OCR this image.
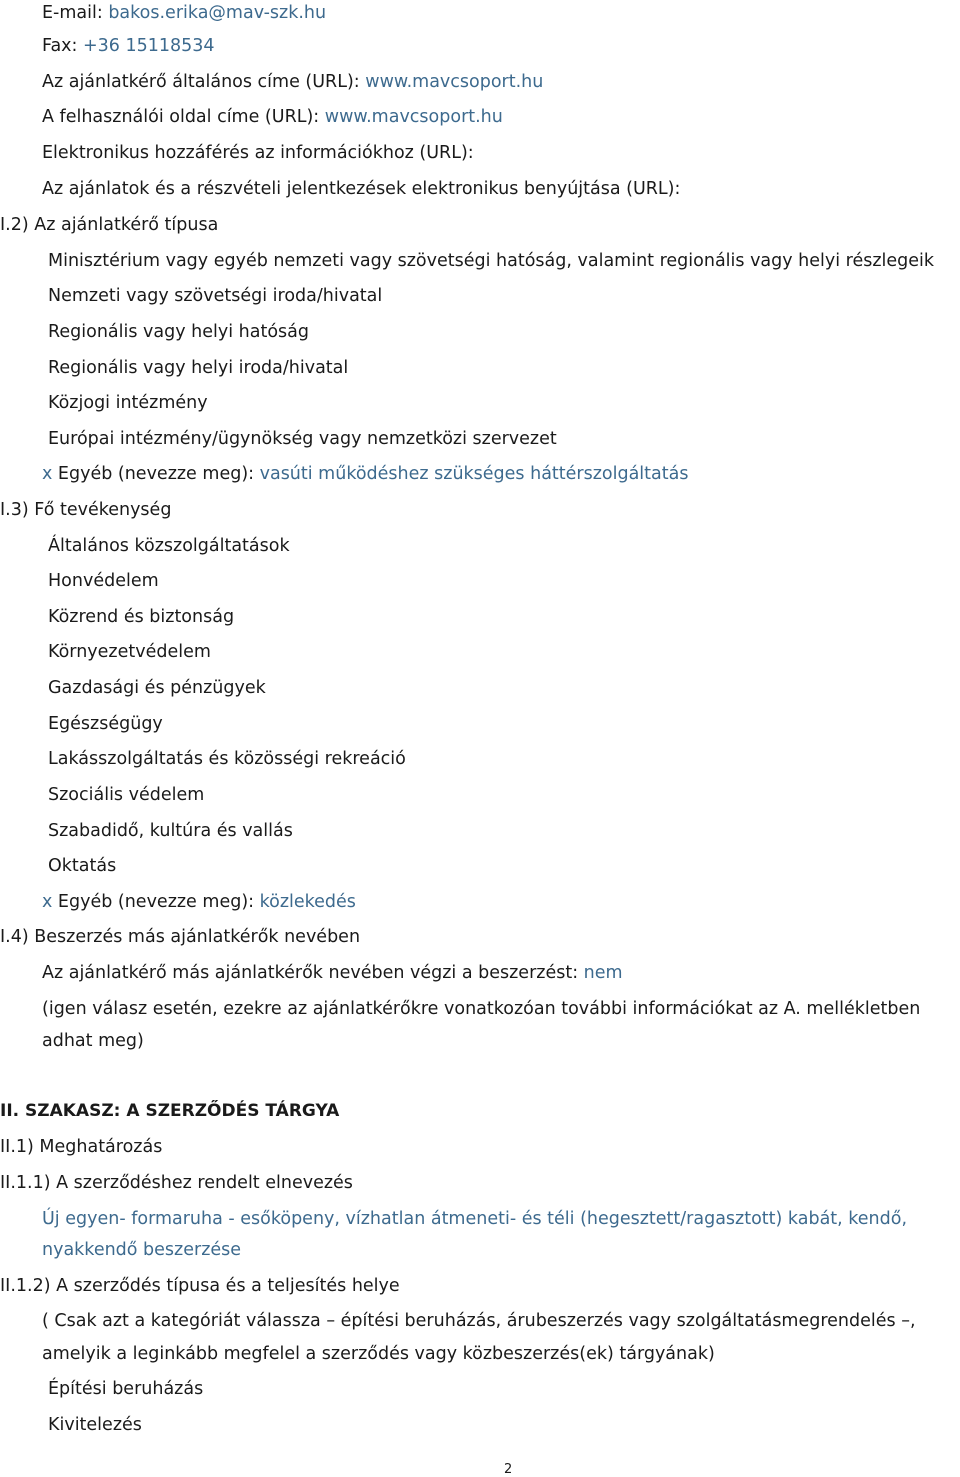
E-mail: bakos.erika@mav-szk.hu
Fax: +36 15118534
Az ajánlatkérő általános címe (URL): www.mavcsoport.hu
A felhasználói oldal címe (URL): www.mavcsoport.hu
Elektronikus hozzáférés az információkhoz (URL):
Az ajánlatok és a részvételi jelentkezések elektronikus benyújtása (URL):
I.2) Az ajánlatkérő típusa
Minisztérium vagy egyéb nemzeti vagy szövetségi hatóság, valamint regionális vagy helyi részlegeik
Nemzeti vagy szövetségi iroda/hivatal
Regionális vagy helyi hatóság
Regionális vagy helyi iroda/hivatal
Közjogi intézmény
Európai intézmény/ügynökség vagy nemzetközi szervezet
x Egyéb (nevezze meg): vasúti működéshez szükséges háttérszolgáltatás
I.3) Fő tevékenység
Általános közszolgáltatások
Honvédelem
Közrend és biztonság
Környezetvédelem
Gazdasági és pénzügyek
Egészségügy
Lakásszolgáltatás és közösségi rekreáció
Szociális védelem
Szabadidő, kultúra és vallás
Oktatás
x Egyéb (nevezze meg): közlekedés
I.4) Beszerzés más ajánlatkérők nevében
Az ajánlatkérő más ajánlatkérők nevében végzi a beszerzést: nem
(igen válasz esetén, ezekre az ajánlatkérőkre vonatkozóan további információkat az A. mellékletben
adhat meg)
II. SZAKASZ: A SZERZŐDÉS TÁRGYA
II.1) Meghatározás
II.1.1) A szerződéshez rendelt elnevezés
Új egyen- formaruha - esőköpeny, vízhatlan átmeneti- és téli (hegesztett/ragasztott) kabát, kendő,
nyakkendő beszerzése
II.1.2) A szerződés típusa és a teljesítés helye
( Csak azt a kategóriát válassza – építési beruházás, árubeszerzés vagy szolgáltatásmegrendelés –,
amelyik a leginkább megfelel a szerződés vagy közbeszerzés(ek) tárgyának)
Építési beruházás
Kivitelezés
2
